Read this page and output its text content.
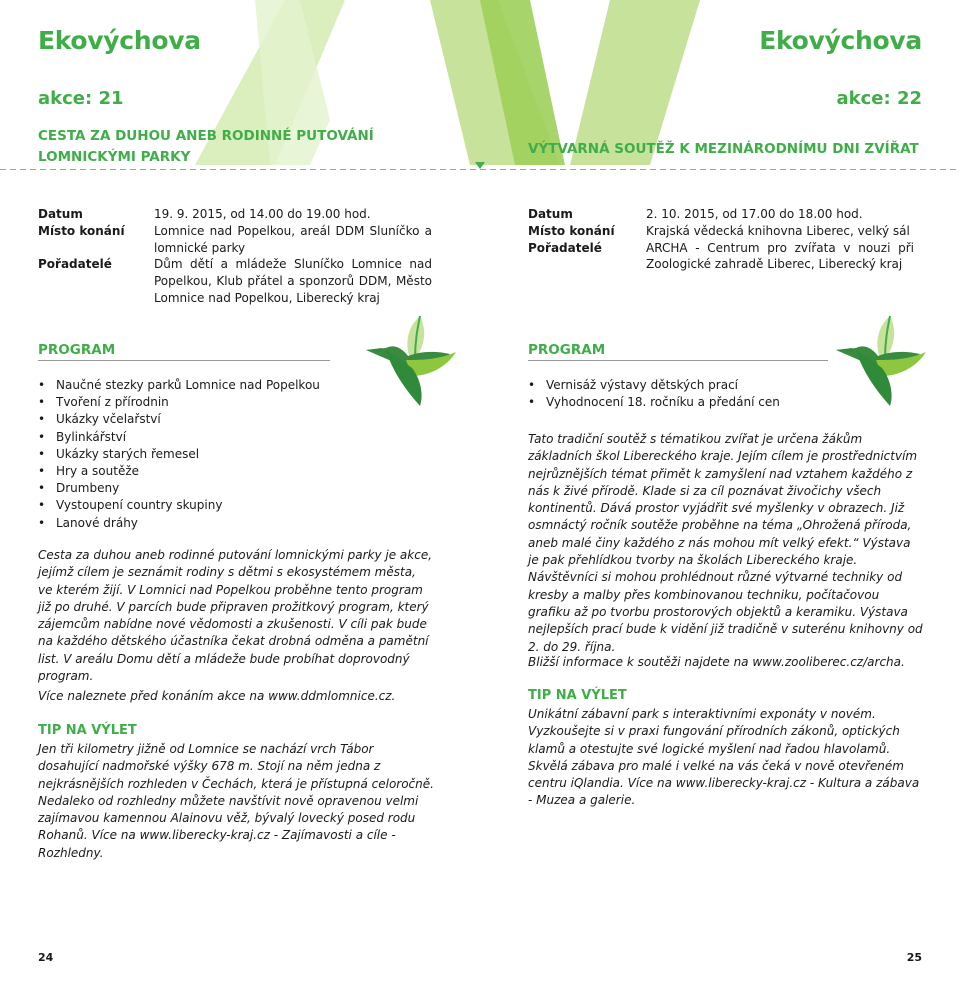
Ekovýchova
akce: 21
CESTA ZA DUHOU ANEB RODINNÉ PUTOVÁNÍ
LOMNICKÝMI PARKY
Datum	19. 9. 2015, od 14.00 do 19.00 hod.
Místo konání	Lomnice nad Popelkou, areál DDM Sluníčko a lomnické parky
Pořadatelé	Dům dětí a mládeže Sluníčko Lomnice nad Popelkou, Klub přátel a sponzorů DDM, Město Lomnice nad Popelkou, Liberecký kraj
PROGRAM
• Naučné stezky parků Lomnice nad Popelkou
• Tvoření z přírodnin
• Ukázky včelařství
• Bylinkářství
• Ukázky starých řemesel
• Hry a soutěže
• Drumbeny
• Vystoupení country skupiny
• Lanové dráhy

Cesta za duhou aneb rodinné putování lomnickými parky je akce, jejímž cílem je seznámit rodiny s dětmi s ekosystémem města, ve kterém žijí. V Lomnici nad Popelkou proběhne tento program již po druhé. V parcích bude připraven prožitkový program, který zájemcům nabídne nové vědomosti a zkušenosti. V cíli pak bude na každého dětského účastníka čekat drobná odměna a pamětní list. V areálu Domu dětí a mládeže bude probíhat doprovodný program.

Více naleznete před konáním akce na www.ddmlomnice.cz.

TIP NA VÝLET

Jen tři kilometry jižně od Lomnice se nachází vrch Tábor dosahující nadmořské výšky 678 m. Stojí na něm jedna z nejkrásnějších rozhleden v Čechách, která je přístupná celoročně. Nedaleko od rozhledny můžete navštívit nově opravenou velmi zajímavou kamennou Alainovu věž, bývalý lovecký posed rodu Rohanů. Více na www.liberecky-kraj.cz - Zajímavosti a cíle - Rozhledny.

24
Ekovýchova
akce: 22
VÝTVARNÁ SOUTĚŽ K MEZINÁRODNÍMU DNI ZVÍŘAT
Datum	2. 10. 2015, od 17.00 do 18.00 hod.
Místo konání	Krajská vědecká knihovna Liberec, velký sál
Pořadatelé	ARCHA - Centrum pro zvířata v nouzi při Zoologické zahradě Liberec, Liberecký kraj
PROGRAM
• Vernisáž výstavy dětských prací
• Vyhodnocení 18. ročníku a předání cen

Tato tradiční soutěž s tématikou zvířat je určena žákům základních škol Libereckého kraje. Jejím cílem je prostřednictvím nejrůznějších témat přimět k zamyšlení nad vztahem každého z nás k živé přírodě. Klade si za cíl poznávat živočichy všech kontinentů. Dává prostor vyjádřit své myšlenky v obrazech. Již osmnáctý ročník soutěže proběhne na téma „Ohrožená příroda, aneb malé činy každého z nás mohou mít velký efekt.“ Výstava je pak přehlídkou tvorby na školách Libereckého kraje. Návštěvníci si mohou prohlédnout různé výtvarné techniky od kresby a malby přes kombinovanou techniku, počítačovou grafiku až po tvorbu prostorových objektů a keramiku. Výstava nejlepších prací bude k vidění již tradičně v suterénu knihovny od 2. do 29. října.

Bližší informace k soutěži najdete na www.zooliberec.cz/archa.

TIP NA VÝLET

Unikátní zábavní park s interaktivními exponáty v novém. Vyzkoušejte si v praxi fungování přírodních zákonů, optických klamů a otestujte své logické myšlení nad řadou hlavolamů. Skvělá zábava pro malé i velké na vás čeká v nově otevřeném centru iQlandia. Více na www.liberecky-kraj.cz - Kultura a zábava - Muzea a galerie.

25
